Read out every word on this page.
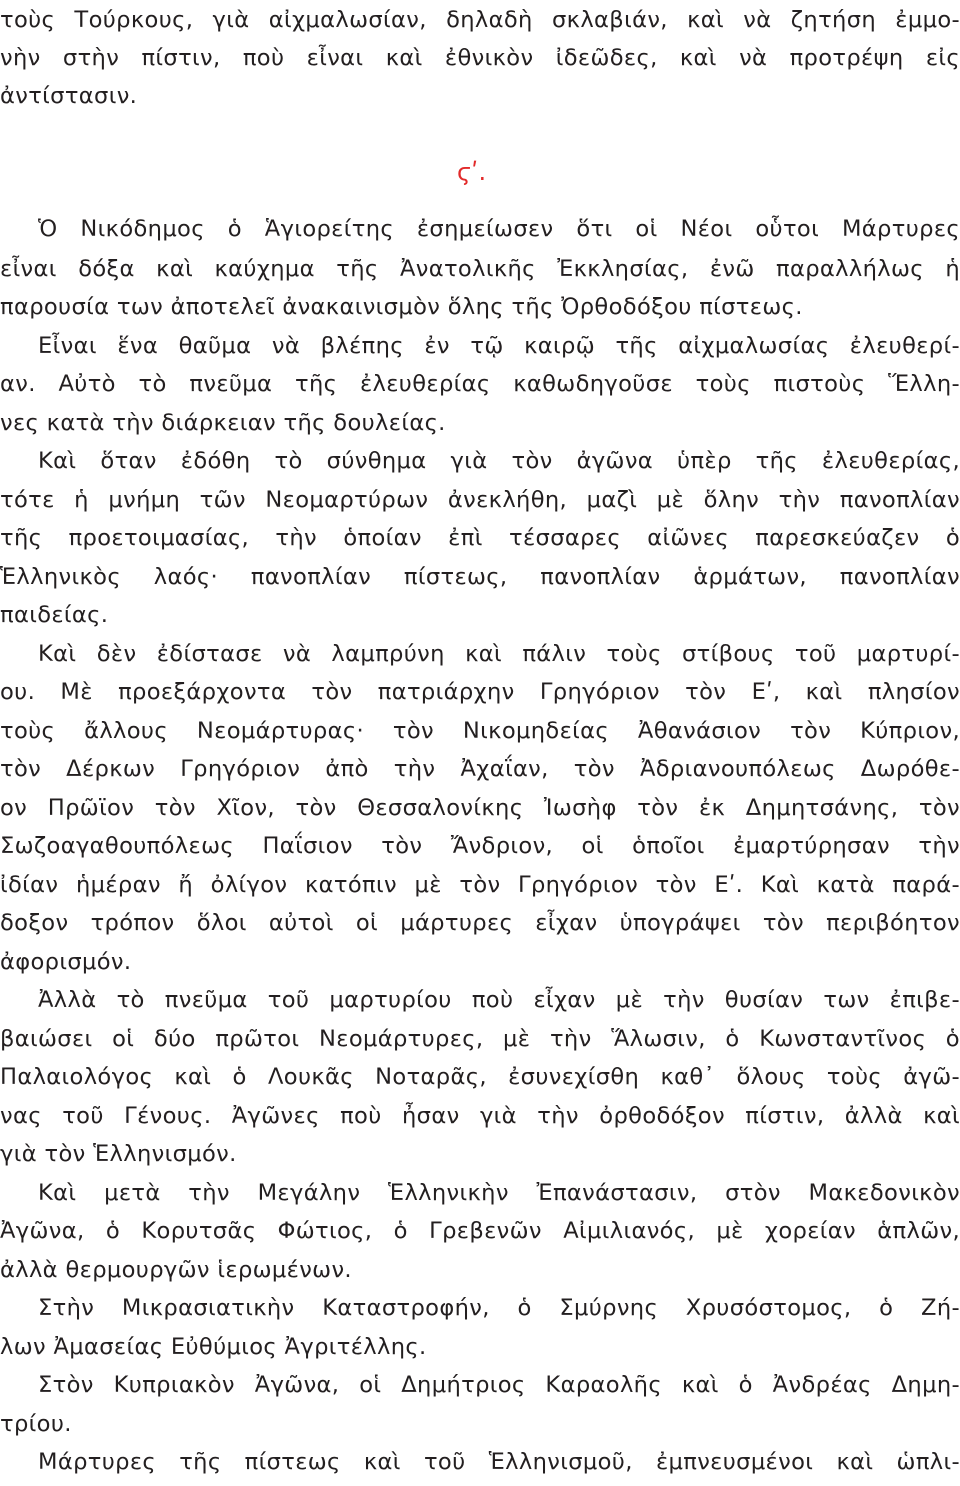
τοὺς Τούρκους, γιὰ αἰχμαλωσίαν, δηλαδὴ σκλαβιάν, καὶ νὰ ζητήση ἐμμο-
νὴν στὴν πίστιν, ποὺ εἶναι καὶ ἐθνικὸν ἰδεῶδες, καὶ νὰ προτρέψη εἰς
ἀντίστασιν.
ϛʹ.
Ὁ Νικόδημος ὁ Ἁγιορείτης ἐσημείωσεν ὅτι οἱ Νέοι οὗτοι Μάρτυρες
εἶναι δόξα καὶ καύχημα τῆς Ἀνατολικῆς Ἐκκλησίας, ἐνῶ παραλλήλως ἡ
παρουσία των ἀποτελεῖ ἀνακαινισμὸν ὅλης τῆς Ὀρθοδόξου πίστεως.
Εἶναι ἕνα θαῦμα νὰ βλέπης ἐν τῷ καιρῷ τῆς αἰχμαλωσίας ἐλευθερί-
αν. Αὐτὸ τὸ πνεῦμα τῆς ἐλευθερίας καθωδηγοῦσε τοὺς πιστοὺς Ἕλλη-
νες κατὰ τὴν διάρκειαν τῆς δουλείας.
Καὶ ὅταν ἐδόθη τὸ σύνθημα γιὰ τὸν ἀγῶνα ὑπὲρ τῆς ἐλευθερίας,
τότε ἡ μνήμη τῶν Νεομαρτύρων ἀνεκλήθη, μαζὶ μὲ ὅλην τὴν πανοπλίαν
τῆς προετοιμασίας, τὴν ὁποίαν ἐπὶ τέσσαρες αἰῶνες παρεσκεύαζεν ὁ
Ἑλληνικὸς λαός· πανοπλίαν πίστεως, πανοπλίαν ἁρμάτων, πανοπλίαν
παιδείας.
Καὶ δὲν ἐδίστασε νὰ λαμπρύνη καὶ πάλιν τοὺς στίβους τοῦ μαρτυρί-
ου. Μὲ προεξάρχοντα τὸν πατριάρχην Γρηγόριον τὸν Εʹ, καὶ πλησίον
τοὺς ἄλλους Νεομάρτυρας· τὸν Νικομηδείας Ἀθανάσιον τὸν Κύπριον,
τὸν Δέρκων Γρηγόριον ἀπὸ τὴν Ἀχαΐαν, τὸν Ἀδριανουπόλεως Δωρόθε-
ον Πρῶϊον τὸν Χῖον, τὸν Θεσσαλονίκης Ἰωσὴφ τὸν ἐκ Δημητσάνης, τὸν
Σωζοαγαθουπόλεως Παΐσιον τὸν Ἄνδριον, οἱ ὁποῖοι ἐμαρτύρησαν τὴν
ἰδίαν ἡμέραν ἤ ὀλίγον κατόπιν μὲ τὸν Γρηγόριον τὸν Εʹ. Καὶ κατὰ παρά-
δοξον τρόπον ὅλοι αὐτοὶ οἱ μάρτυρες εἶχαν ὑπογράψει τὸν περιβόητον
ἀφορισμόν.
Ἀλλὰ τὸ πνεῦμα τοῦ μαρτυρίου ποὺ εἶχαν μὲ τὴν θυσίαν των ἐπιβε-
βαιώσει οἱ δύο πρῶτοι Νεομάρτυρες, μὲ τὴν Ἅλωσιν, ὁ Κωνσταντῖνος ὁ
Παλαιολόγος καὶ ὁ Λουκᾶς Νοταρᾶς, ἐσυνεχίσθη καθ᾽ ὅλους τοὺς ἀγῶ-
νας τοῦ Γένους. Ἀγῶνες ποὺ ἦσαν γιὰ τὴν ὀρθοδόξον πίστιν, ἀλλὰ καὶ
γιὰ τὸν Ἑλληνισμόν.
Καὶ μετὰ τὴν Μεγάλην Ἑλληνικὴν Ἐπανάστασιν, στὸν Μακεδονικὸν
Ἀγῶνα, ὁ Κορυτσᾶς Φώτιος, ὁ Γρεβενῶν Αἰμιλιανός, μὲ χορείαν ἁπλῶν,
ἀλλὰ θερμουργῶν ἱερωμένων.
Στὴν Μικρασιατικὴν Καταστροφήν, ὁ Σμύρνης Χρυσόστομος, ὁ Ζή-
λων Ἀμασείας Εὐθύμιος Ἀγριτέλλης.
Στὸν Κυπριακὸν Ἀγῶνα, οἱ Δημήτριος Καραολῆς καὶ ὁ Ἀνδρέας Δημη-
τρίου.
Μάρτυρες τῆς πίστεως καὶ τοῦ Ἑλληνισμοῦ, ἐμπνευσμένοι καὶ ὡπλι-
